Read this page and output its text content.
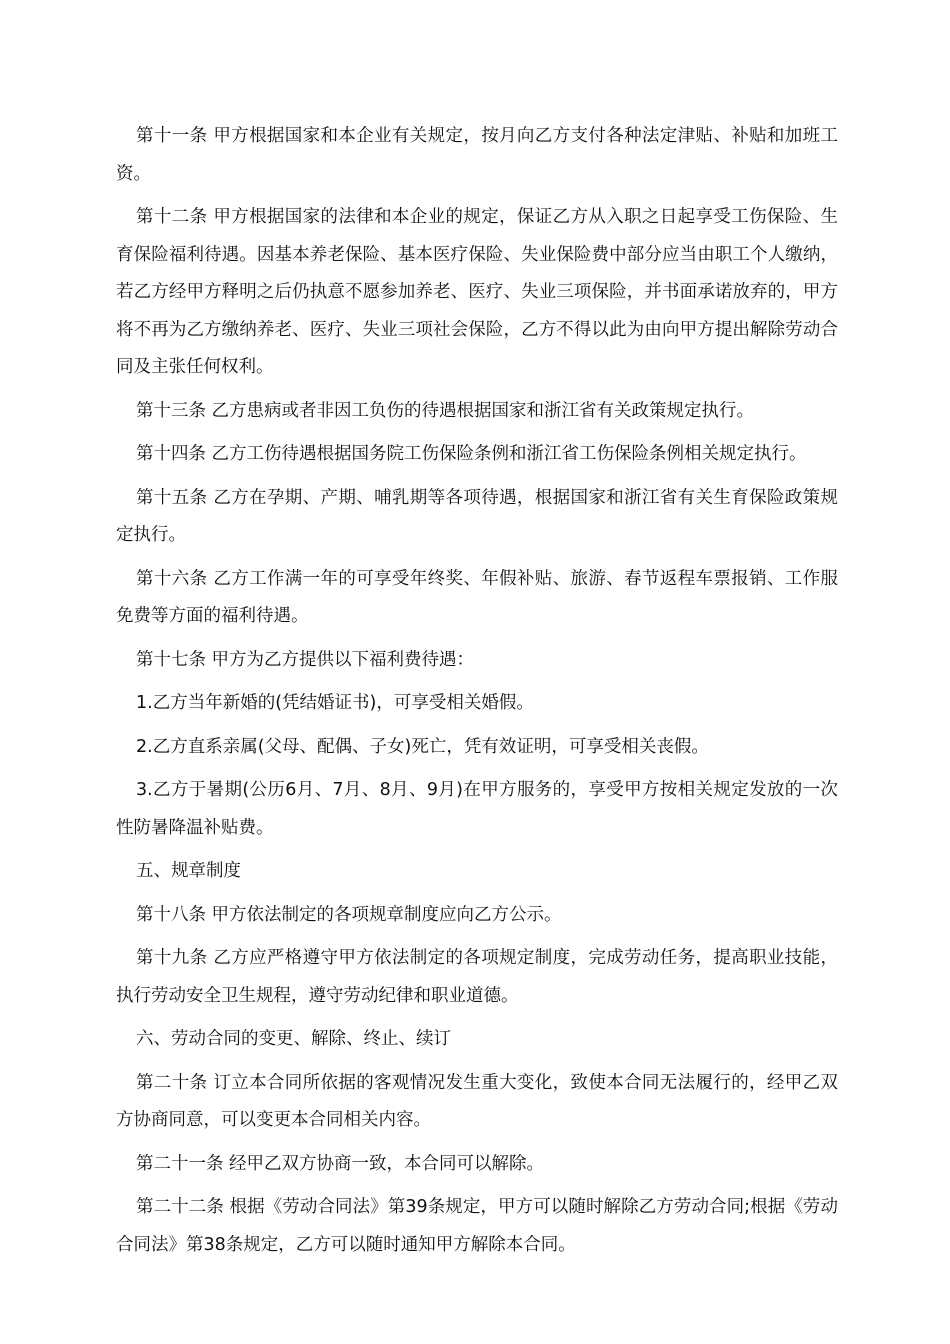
第十一条 甲方根据国家和本企业有关规定，按月向乙方支付各种法定津贴、补贴和加班工资。

第十二条 甲方根据国家的法律和本企业的规定，保证乙方从入职之日起享受工伤保险、生育保险福利待遇。因基本养老保险、基本医疗保险、失业保险费中部分应当由职工个人缴纳，若乙方经甲方释明之后仍执意不愿参加养老、医疗、失业三项保险，并书面承诺放弃的，甲方将不再为乙方缴纳养老、医疗、失业三项社会保险，乙方不得以此为由向甲方提出解除劳动合同及主张任何权利。

第十三条 乙方患病或者非因工负伤的待遇根据国家和浙江省有关政策规定执行。

第十四条 乙方工伤待遇根据国务院工伤保险条例和浙江省工伤保险条例相关规定执行。

第十五条 乙方在孕期、产期、哺乳期等各项待遇，根据国家和浙江省有关生育保险政策规定执行。

第十六条 乙方工作满一年的可享受年终奖、年假补贴、旅游、春节返程车票报销、工作服免费等方面的福利待遇。

第十七条 甲方为乙方提供以下福利费待遇：

1.乙方当年新婚的(凭结婚证书)，可享受相关婚假。

2.乙方直系亲属(父母、配偶、子女)死亡，凭有效证明，可享受相关丧假。

3.乙方于暑期(公历6月、7月、8月、9月)在甲方服务的，享受甲方按相关规定发放的一次性防暑降温补贴费。

五、规章制度

第十八条 甲方依法制定的各项规章制度应向乙方公示。

第十九条 乙方应严格遵守甲方依法制定的各项规定制度，完成劳动任务，提高职业技能，执行劳动安全卫生规程，遵守劳动纪律和职业道德。

六、劳动合同的变更、解除、终止、续订

第二十条 订立本合同所依据的客观情况发生重大变化，致使本合同无法履行的，经甲乙双方协商同意，可以变更本合同相关内容。

第二十一条 经甲乙双方协商一致，本合同可以解除。

第二十二条 根据《劳动合同法》第39条规定，甲方可以随时解除乙方劳动合同;根据《劳动合同法》第38条规定，乙方可以随时通知甲方解除本合同。
